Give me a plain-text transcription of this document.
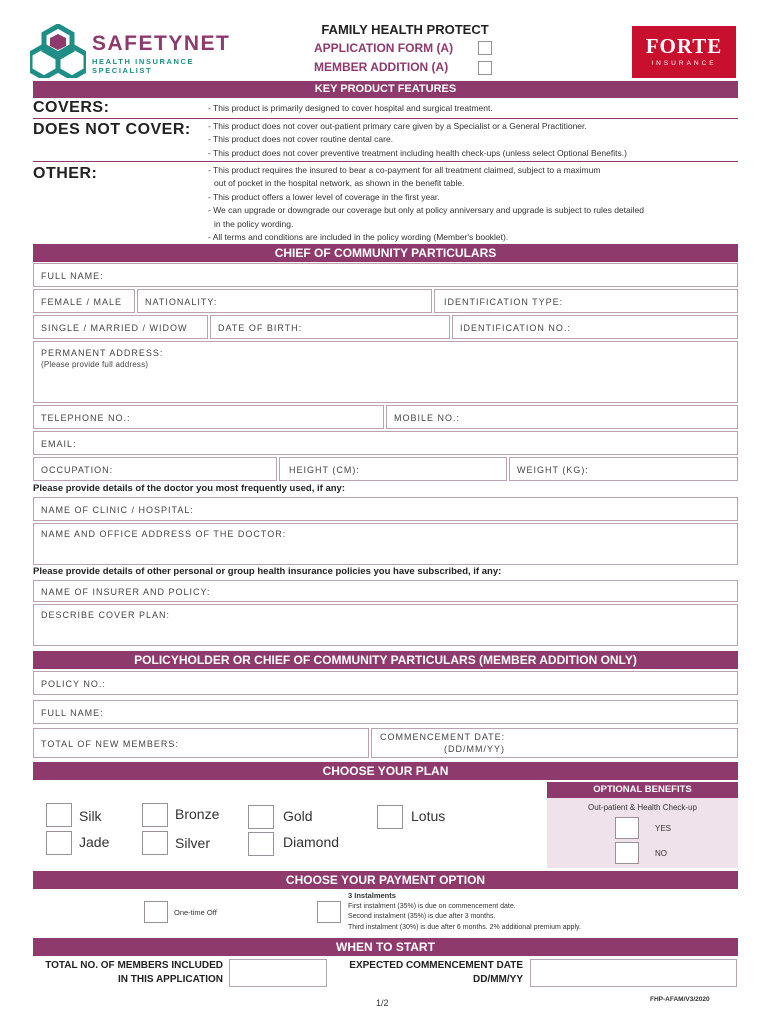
SAFETYNET
HEALTH INSURANCE SPECIALIST
FAMILY HEALTH PROTECT
APPLICATION FORM (A)
MEMBER ADDITION (A)
FORTE
INSURANCE
KEY PRODUCT FEATURES
COVERS:	- This product is primarily designed to cover hospital and surgical treatment.
DOES NOT COVER: - This product does not cover out-patient primary care given by a Specialist or a General Practitioner.
- This product does not cover routine dental care.
- This product does not cover preventive treatment including health check-ups (unless select Optional Benefits.)
OTHER:	- This product requires the insured to bear a co-payment for all treatment claimed, subject to a maximum
out of pocket in the hospital network, as shown in the benefit table.
- This product offers a lower level of coverage in the first year.
- We can upgrade or downgrade our coverage but only at policy anniversary and upgrade is subject to rules detailed
in the policy wording.
- All terms and conditions are included in the policy wording (Member's booklet).
CHIEF OF COMMUNITY PARTICULARS
FULL NAME:
FEMALE / MALE	NATIONALITY:	IDENTIFICATION TYPE:
SINGLE / MARRIED / WIDOW	DATE OF BIRTH:	IDENTIFICATION NO.:
PERMANENT ADDRESS:
(Please provide full address)
TELEPHONE NO.:	MOBILE NO.:
EMAIL:
OCCUPATION:	HEIGHT (CM):	WEIGHT (KG):
Please provide details of the doctor you most frequently used, if any:
NAME OF CLINIC / HOSPITAL:
NAME AND OFFICE ADDRESS OF THE DOCTOR:
Please provide details of other personal or group health insurance policies you have subscribed, if any:
NAME OF INSURER AND POLICY:
DESCRIBE COVER PLAN:
POLICYHOLDER OR CHIEF OF COMMUNITY PARTICULARS (MEMBER ADDITION ONLY)
POLICY NO.:
FULL NAME:
TOTAL OF NEW MEMBERS:
COMMENCEMENT DATE:
(DD/MM/YY)
CHOOSE YOUR PLAN
OPTIONAL BENEFITS
Out-patient & Health Check-up
YES
NO
Silk
Jade
Bronze
Silver
Gold
Diamond
Lotus
CHOOSE YOUR PAYMENT OPTION
One-time Off
3 Instalments
First instalment (35%) is due on commencement date.
Second instalment (35%) is due after 3 months.
Third instalment (30%) is due after 6 months. 2% additional premium apply.
WHEN TO START
TOTAL NO. OF MEMBERS INCLUDED
IN THIS APPLICATION
EXPECTED COMMENCEMENT DATE
DD/MM/YY
1/2	FHP-AFAM/V3/2020
